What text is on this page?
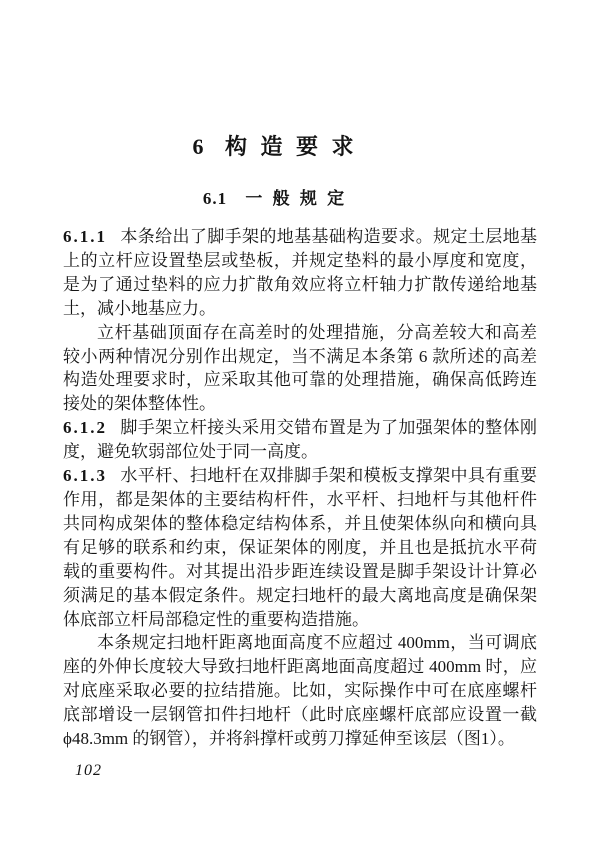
6 构 造 要 求
6.1 一 般 规 定

6.1.1 本条给出了脚手架的地基基础构造要求。规定土层地基上的立杆应设置垫层或垫板，并规定垫料的最小厚度和宽度，是为了通过垫料的应力扩散角效应将立杆轴力扩散传递给地基土，减小地基应力。

立杆基础顶面存在高差时的处理措施，分高差较大和高差较小两种情况分别作出规定，当不满足本条第 6 款所述的高差构造处理要求时，应采取其他可靠的处理措施，确保高低跨连接处的架体整体性。

6.1.2 脚手架立杆接头采用交错布置是为了加强架体的整体刚度，避免软弱部位处于同一高度。

6.1.3 水平杆、扫地杆在双排脚手架和模板支撑架中具有重要作用，都是架体的主要结构杆件，水平杆、扫地杆与其他杆件共同构成架体的整体稳定结构体系，并且使架体纵向和横向具有足够的联系和约束，保证架体的刚度，并且也是抵抗水平荷载的重要构件。对其提出沿步距连续设置是脚手架设计计算必须满足的基本假定条件。规定扫地杆的最大离地高度是确保架体底部立杆局部稳定性的重要构造措施。

本条规定扫地杆距离地面高度不应超过 400mm，当可调底座的外伸长度较大导致扫地杆距离地面高度超过 400mm 时，应对底座采取必要的拉结措施。比如，实际操作中可在底座螺杆底部增设一层钢管扣件扫地杆（此时底座螺杆底部应设置一截 ϕ48.3mm 的钢管），并将斜撑杆或剪刀撑延伸至该层（图1）。

102
